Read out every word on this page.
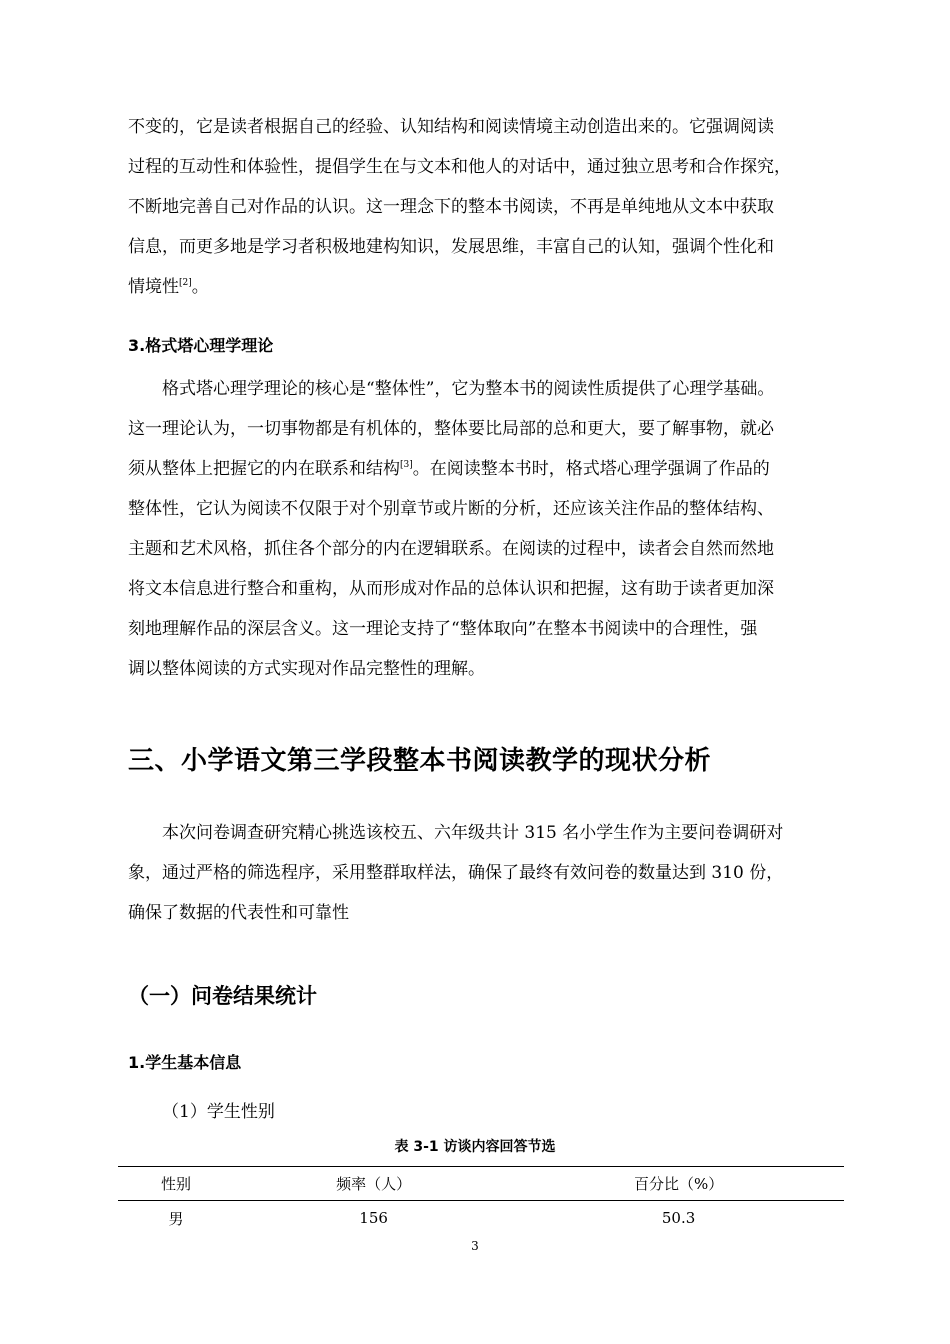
不变的，它是读者根据自己的经验、认知结构和阅读情境主动创造出来的。它强调阅读
过程的互动性和体验性，提倡学生在与文本和他人的对话中，通过独立思考和合作探究，
不断地完善自己对作品的认识。这一理念下的整本书阅读，不再是单纯地从文本中获取
信息，而更多地是学习者积极地建构知识，发展思维，丰富自己的认知，强调个性化和
情境性[2]。

3.格式塔心理学理论

格式塔心理学理论的核心是“整体性”，它为整本书的阅读性质提供了心理学基础。
这一理论认为，一切事物都是有机体的，整体要比局部的总和更大，要了解事物，就必
须从整体上把握它的内在联系和结构[3]。在阅读整本书时，格式塔心理学强调了作品的
整体性，它认为阅读不仅限于对个别章节或片断的分析，还应该关注作品的整体结构、
主题和艺术风格，抓住各个部分的内在逻辑联系。在阅读的过程中，读者会自然而然地
将文本信息进行整合和重构，从而形成对作品的总体认识和把握，这有助于读者更加深
刻地理解作品的深层含义。这一理论支持了“整体取向”在整本书阅读中的合理性，强
调以整体阅读的方式实现对作品完整性的理解。

三、小学语文第三学段整本书阅读教学的现状分析

本次问卷调查研究精心挑选该校五、六年级共计 315 名小学生作为主要问卷调研对
象，通过严格的筛选程序，采用整群取样法，确保了最终有效问卷的数量达到 310 份，
确保了数据的代表性和可靠性

（一）问卷结果统计
1.学生基本信息

（1）学生性别

表 3-1 访谈内容回答节选

性别	频率（人）	百分比（%）
男	156	50.3
3
